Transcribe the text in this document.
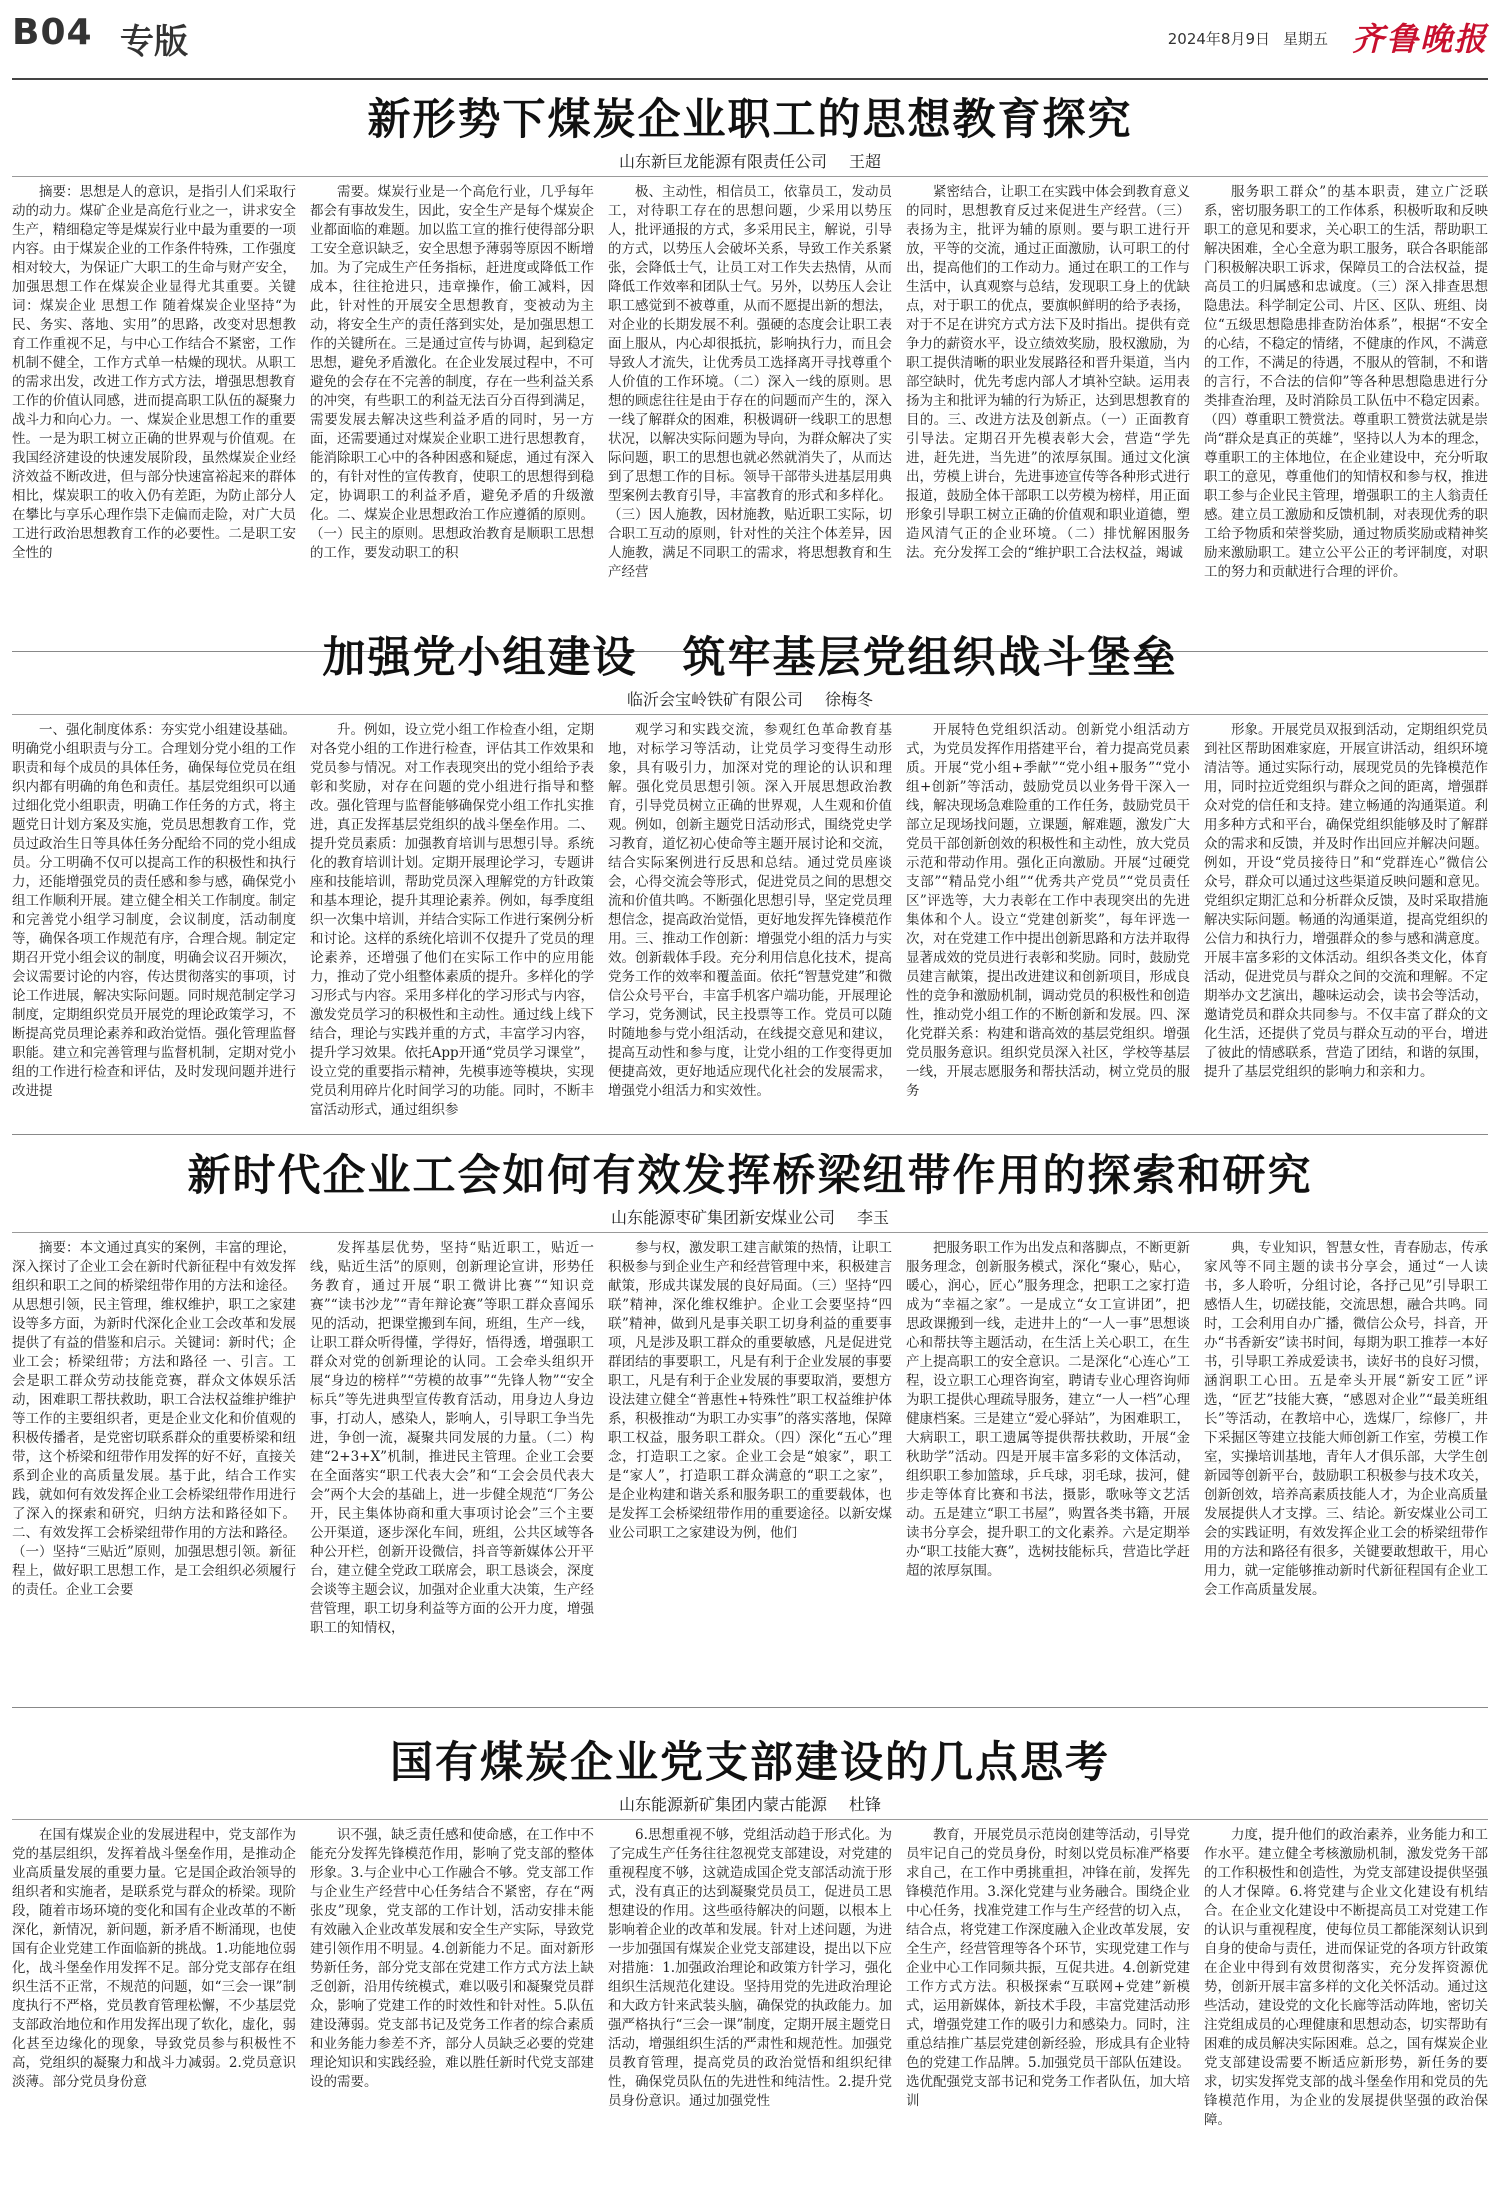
B04 专版	2024年8月9日 星期五 齐鲁晚报
新形势下煤炭企业职工的思想教育探究
山东新巨龙能源有限责任公司 王超

摘要：思想是人的意识，是指引人们采取行动的动力。煤矿企业是高危行业之一，讲求安全生产，精细稳定等是煤炭行业中最为重要的一项内容。由于煤炭企业的工作条件特殊，工作强度相对较大，为保证广大职工的生命与财产安全，加强思想工作在煤炭企业显得尤其重要。关键词：煤炭企业 思想工作 随着煤炭企业坚持“为民、务实、落地、实用”的思路，改变对思想教育工作重视不足，与中心工作结合不紧密，工作机制不健全，工作方式单一枯燥的现状。从职工的需求出发，改进工作方式方法，增强思想教育工作的价值认同感，进而提高职工队伍的凝聚力战斗力和向心力。一、煤炭企业思想工作的重要性。一是为职工树立正确的世界观与价值观。在我国经济建设的快速发展阶段，虽然煤炭企业经济效益不断改进，但与部分快速富裕起来的群体相比，煤炭职工的收入仍有差距，为防止部分人在攀比与享乐心理作祟下走偏而走险，对广大员工进行政治思想教育工作的必要性。二是职工安全性的

需要。煤炭行业是一个高危行业，几乎每年都会有事故发生，因此，安全生产是每个煤炭企业都面临的难题。加以监工宣的推行使得部分职工安全意识缺乏，安全思想予薄弱等原因不断增加。为了完成生产任务指标，赶进度或降低工作成本，往往抢进只，违章操作，偷工减料，因此，针对性的开展安全思想教育，变被动为主动，将安全生产的责任落到实处，是加强思想工作的关键所在。三是通过宣传与协调，起到稳定思想，避免矛盾激化。在企业发展过程中，不可避免的会存在不完善的制度，存在一些利益关系的冲突，有些职工的利益无法百分百得到满足，需要发展去解决这些利益矛盾的同时，另一方面，还需要通过对煤炭企业职工进行思想教育，能消除职工心中的各种困惑和疑虑，通过有深入的，有针对性的宣传教育，使职工的思想得到稳定，协调职工的利益矛盾，避免矛盾的升级激化。二、煤炭企业思想政治工作应遵循的原则。（一）民主的原则。思想政治教育是顺职工思想的工作，要发动职工的积

极、主动性，相信员工，依靠员工，发动员工，对待职工存在的思想问题，少采用以势压人，批评通报的方式，多采用民主，解说，引导的方式，以势压人会破坏关系，导致工作关系紧张，会降低士气，让员工对工作失去热情，从而降低工作效率和团队士气。另外，以势压人会让职工感觉到不被尊重，从而不愿提出新的想法，对企业的长期发展不利。强硬的态度会让职工表面上服从，内心却很抵抗，影响执行力，而且会导致人才流失，让优秀员工选择离开寻找尊重个人价值的工作环境。（二）深入一线的原则。思想的顾虑往往是由于存在的问题而产生的，深入一线了解群众的困难，积极调研一线职工的思想状况，以解决实际问题为导向，为群众解决了实际问题，职工的思想也就必然就消失了，从而达到了思想工作的目标。领导干部带头进基层用典型案例去教育引导，丰富教育的形式和多样化。（三）因人施教，因材施教，贴近职工实际，切合职工互动的原则，针对性的关注个体差异，因人施教，满足不同职工的需求，将思想教育和生产经营

紧密结合，让职工在实践中体会到教育意义的同时，思想教育反过来促进生产经营。（三）表扬为主，批评为辅的原则。要与职工进行开放，平等的交流，通过正面激励，认可职工的付出，提高他们的工作动力。通过在职工的工作与生活中，认真观察与总结，发现职工身上的优缺点，对于职工的优点，要旗帜鲜明的给予表扬，对于不足在讲究方式方法下及时指出。提供有竞争力的薪资水平，设立绩效奖励，股权激励，为职工提供清晰的职业发展路径和晋升渠道，当内部空缺时，优先考虑内部人才填补空缺。运用表扬为主和批评为辅的行为矫正，达到思想教育的目的。三、改进方法及创新点。（一）正面教育引导法。定期召开先模表彰大会，营造“学先进，赶先进，当先进”的浓厚氛围。通过文化演出，劳模上讲台，先进事迹宣传等各种形式进行报道，鼓励全体干部职工以劳模为榜样，用正面形象引导职工树立正确的价值观和职业道德，塑造风清气正的企业环境。（二）排忧解困服务法。充分发挥工会的“维护职工合法权益，竭诚

服务职工群众”的基本职责，建立广泛联系，密切服务职工的工作体系，积极听取和反映职工的意见和要求，关心职工的生活，帮助职工解决困难，全心全意为职工服务，联合各职能部门积极解决职工诉求，保障员工的合法权益，提高员工的归属感和忠诚度。（三）深入排查思想隐患法。科学制定公司、片区、区队、班组、岗位“五级思想隐患排查防治体系”，根据“不安全的心结，不稳定的情绪，不健康的作风，不满意的工作，不满足的待遇，不服从的管制，不和谐的言行，不合法的信仰”等各种思想隐患进行分类排查治理，及时消除员工队伍中不稳定因素。（四）尊重职工赞赏法。尊重职工赞赏法就是崇尚“群众是真正的英雄”，坚持以人为本的理念，尊重职工的主体地位，在企业建设中，充分听取职工的意见，尊重他们的知情权和参与权，推进职工参与企业民主管理，增强职工的主人翁责任感。建立员工激励和反馈机制，对表现优秀的职工给予物质和荣誉奖励，通过物质奖励或精神奖励来激励职工。建立公平公正的考评制度，对职工的努力和贡献进行合理的评价。

加强党小组建设　筑牢基层党组织战斗堡垒
临沂会宝岭铁矿有限公司 徐梅冬

一、强化制度体系：夯实党小组建设基础。明确党小组职责与分工。合理划分党小组的工作职责和每个成员的具体任务，确保每位党员在组织内都有明确的角色和责任。基层党组织可以通过细化党小组职责，明确工作任务的方式，将主题党日计划方案及实施，党员思想教育工作，党员过政治生日等具体任务分配给不同的党小组成员。分工明确不仅可以提高工作的积极性和执行力，还能增强党员的责任感和参与感，确保党小组工作顺利开展。建立健全相关工作制度。制定和完善党小组学习制度，会议制度，活动制度等，确保各项工作规范有序，合理合规。制定定期召开党小组会议的制度，明确会议召开频次，会议需要讨论的内容，传达贯彻落实的事项，讨论工作进展，解决实际问题。同时规范制定学习制度，定期组织党员开展党的理论政策学习，不断提高党员理论素养和政治觉悟。强化管理监督职能。建立和完善管理与监督机制，定期对党小组的工作进行检查和评估，及时发现问题并进行改进提

升。例如，设立党小组工作检查小组，定期对各党小组的工作进行检查，评估其工作效果和党员参与情况。对工作表现突出的党小组给予表彰和奖励，对存在问题的党小组进行指导和整改。强化管理与监督能够确保党小组工作扎实推进，真正发挥基层党组织的战斗堡垒作用。二、提升党员素质：加强教育培训与思想引导。系统化的教育培训计划。定期开展理论学习，专题讲座和技能培训，帮助党员深入理解党的方针政策和基本理论，提升其理论素养。例如，每季度组织一次集中培训，并结合实际工作进行案例分析和讨论。这样的系统化培训不仅提升了党员的理论素养，还增强了他们在实际工作中的应用能力，推动了党小组整体素质的提升。多样化的学习形式与内容。采用多样化的学习形式与内容，激发党员学习的积极性和主动性。通过线上线下结合，理论与实践并重的方式，丰富学习内容，提升学习效果。依托App开通“党员学习课堂”，设立党的重要指示精神，先模事迹等模块，实现党员利用碎片化时间学习的功能。同时，不断丰富活动形式，通过组织参

观学习和实践交流，参观红色革命教育基地，对标学习等活动，让党员学习变得生动形象，具有吸引力，加深对党的理论的认识和理解。强化党员思想引领。深入开展思想政治教育，引导党员树立正确的世界观，人生观和价值观。例如，创新主题党日活动形式，围绕党史学习教育，道忆初心使命等主题开展讨论和交流，结合实际案例进行反思和总结。通过党员座谈会，心得交流会等形式，促进党员之间的思想交流和价值共鸣。不断强化思想引导，坚定党员理想信念，提高政治觉悟，更好地发挥先锋模范作用。三、推动工作创新：增强党小组的活力与实效。创新载体手段。充分利用信息化技术，提高党务工作的效率和覆盖面。依托“智慧党建”和微信公众号平台，丰富手机客户端功能，开展理论学习，党务测试，民主投票等工作。党员可以随时随地参与党小组活动，在线提交意见和建议，提高互动性和参与度，让党小组的工作变得更加便捷高效，更好地适应现代化社会的发展需求，增强党小组活力和实效性。

开展特色党组织活动。创新党小组活动方式，为党员发挥作用搭建平台，着力提高党员素质。开展“党小组+季献”“党小组+服务”“党小组+创新”等活动，鼓励党员以业务骨干深入一线，解决现场急难险重的工作任务，鼓励党员干部立足现场找问题，立课题，解难题，激发广大党员干部创新创效的积极性和主动性，放大党员示范和带动作用。强化正向激励。开展“过硬党支部”“精品党小组”“优秀共产党员”“党员责任区”评选等，大力表彰在工作中表现突出的先进集体和个人。设立“党建创新奖”，每年评选一次，对在党建工作中提出创新思路和方法并取得显著成效的党员进行表彰和奖励。同时，鼓励党员建言献策，提出改进建议和创新项目，形成良性的竞争和激励机制，调动党员的积极性和创造性，推动党小组工作的不断创新和发展。四、深化党群关系：构建和谐高效的基层党组织。增强党员服务意识。组织党员深入社区，学校等基层一线，开展志愿服务和帮扶活动，树立党员的服务

形象。开展党员双报到活动，定期组织党员到社区帮助困难家庭，开展宣讲活动，组织环境清洁等。通过实际行动，展现党员的先锋模范作用，同时拉近党组织与群众之间的距离，增强群众对党的信任和支持。建立畅通的沟通渠道。利用多种方式和平台，确保党组织能够及时了解群众的需求和反馈，并及时作出回应并解决问题。例如，开设“党员接待日”和“党群连心”微信公众号，群众可以通过这些渠道反映问题和意见。党组织定期汇总和分析群众反馈，及时采取措施解决实际问题。畅通的沟通渠道，提高党组织的公信力和执行力，增强群众的参与感和满意度。开展丰富多彩的文体活动。组织各类文化，体育活动，促进党员与群众之间的交流和理解。不定期举办文艺演出，趣味运动会，读书会等活动，邀请党员和群众共同参与。不仅丰富了群众的文化生活，还提供了党员与群众互动的平台，增进了彼此的情感联系，营造了团结，和谐的氛围，提升了基层党组织的影响力和亲和力。

新时代企业工会如何有效发挥桥梁纽带作用的探索和研究
山东能源枣矿集团新安煤业公司 李玉

摘要：本文通过真实的案例，丰富的理论，深入探讨了企业工会在新时代新征程中有效发挥组织和职工之间的桥梁纽带作用的方法和途径。从思想引领，民主管理，维权维护，职工之家建设等多方面，为新时代深化企业工会改革和发展提供了有益的借鉴和启示。关键词：新时代；企业工会；桥梁纽带；方法和路径 一、引言。工会是职工群众劳动技能竞赛，群众文体娱乐活动，困难职工帮扶救助，职工合法权益维护维护等工作的主要组织者，更是企业文化和价值观的积极传播者，是党密切联系群众的重要桥梁和纽带，这个桥梁和纽带作用发挥的好不好，直接关系到企业的高质量发展。基于此，结合工作实践，就如何有效发挥企业工会桥梁纽带作用进行了深入的探索和研究，归纳方法和路径如下。二、有效发挥工会桥梁纽带作用的方法和路径。（一）坚持“三贴近”原则，加强思想引领。新征程上，做好职工思想工作，是工会组织必须履行的责任。企业工会要

发挥基层优势，坚持“贴近职工，贴近一线，贴近生活”的原则，创新理论宣讲，形势任务教育，通过开展“职工微讲比赛”“知识竞赛”“读书沙龙”“青年辩论赛”等职工群众喜闻乐见的活动，把课堂搬到车间，班组，生产一线，让职工群众听得懂，学得好，悟得透，增强职工群众对党的创新理论的认同。工会牵头组织开展“身边的榜样”“劳模的故事”“先锋人物”“安全标兵”等先进典型宣传教育活动，用身边人身边事，打动人，感染人，影响人，引导职工争当先进，争创一流，凝聚共同发展的力量。（二）构建“2+3+X”机制，推进民主管理。企业工会要在全面落实“职工代表大会”和“工会会员代表大会”两个大会的基础上，进一步健全规范“厂务公开，民主集体协商和重大事项讨论会”三个主要公开渠道，逐步深化车间，班组，公共区域等各种公开栏，创新开设微信，抖音等新媒体公开平台，建立健全党政工联席会，职工恳谈会，深度会谈等主题会议，加强对企业重大决策，生产经营管理，职工切身利益等方面的公开力度，增强职工的知情权，

参与权，激发职工建言献策的热情，让职工积极参与到企业生产和经营管理中来，积极建言献策，形成共谋发展的良好局面。（三）坚持“四联”精神，深化维权维护。企业工会要坚持“四联”精神，做到凡是事关职工切身利益的重要事项，凡是涉及职工群众的重要敏感，凡是促进党群团结的事要职工，凡是有利于企业发展的事要职工，凡是有利于企业发展的事要取消，要想方设法建立健全“普惠性+特殊性”职工权益维护体系，积极推动“为职工办实事”的落实落地，保障职工权益，服务职工群众。（四）深化“五心”理念，打造职工之家。企业工会是“娘家”，职工是“家人”，打造职工群众满意的“职工之家”，是企业构建和谐关系和服务职工的重要载体，也是发挥工会桥梁纽带作用的重要途径。以新安煤业公司职工之家建设为例，他们

把服务职工作为出发点和落脚点，不断更新服务理念，创新服务模式，深化“聚心，贴心，暖心，润心，匠心”服务理念，把职工之家打造成为“幸福之家”。一是成立“女工宣讲团”，把思政课搬到一线，走进井上的“一人一事”思想谈心和帮扶等主题活动，在生活上关心职工，在生产上提高职工的安全意识。二是深化“心连心”工程，设立职工心理咨询室，聘请专业心理咨询师为职工提供心理疏导服务，建立“一人一档”心理健康档案。三是建立“爱心驿站”，为困难职工，大病职工，职工遗属等提供帮扶救助，开展“金秋助学”活动。四是开展丰富多彩的文体活动，组织职工参加篮球，乒乓球，羽毛球，拔河，健步走等体育比赛和书法，摄影，歌咏等文艺活动。五是建立“职工书屋”，购置各类书籍，开展读书分享会，提升职工的文化素养。六是定期举办“职工技能大赛”，选树技能标兵，营造比学赶超的浓厚氛围。

典，专业知识，智慧女性，青春励志，传承家风等不同主题的读书分享会，通过“一人读书，多人聆听，分组讨论，各抒己见”引导职工感悟人生，切磋技能，交流思想，融合共鸣。同时，工会利用自办广播，微信公众号，抖音，开办“书香新安”读书时间，每期为职工推荐一本好书，引导职工养成爱读书，读好书的良好习惯，涵润职工心田。五是牵头开展“新安工匠”评选，“匠艺”技能大赛，“感恩对企业”“最美班组长”等活动，在教培中心，选煤厂，综修厂，井下采掘区等建立技能大师创新工作室，劳模工作室，实操培训基地，青年人才俱乐部，大学生创新园等创新平台，鼓励职工积极参与技术攻关，创新创效，培养高素质技能人才，为企业高质量发展提供人才支撑。三、结论。新安煤业公司工会的实践证明，有效发挥企业工会的桥梁纽带作用的方法和路径有很多，关键要敢想敢干，用心用力，就一定能够推动新时代新征程国有企业工会工作高质量发展。

国有煤炭企业党支部建设的几点思考
山东能源新矿集团内蒙古能源 杜锋

在国有煤炭企业的发展进程中，党支部作为党的基层组织，发挥着战斗堡垒作用，是推动企业高质量发展的重要力量。它是国企政治领导的组织者和实施者，是联系党与群众的桥梁。现阶段，随着市场环境的变化和国有企业改革的不断深化，新情况，新问题，新矛盾不断涌现，也使国有企业党建工作面临新的挑战。1.功能地位弱化，战斗堡垒作用发挥不足。部分党支部存在组织生活不正常，不规范的问题，如“三会一课”制度执行不严格，党员教育管理松懈，不少基层党支部政治地位和作用发挥出现了软化，虚化，弱化甚至边缘化的现象，导致党员参与积极性不高，党组织的凝聚力和战斗力减弱。2.党员意识淡薄。部分党员身份意

识不强，缺乏责任感和使命感，在工作中不能充分发挥先锋模范作用，影响了党支部的整体形象。3.与企业中心工作融合不够。党支部工作与企业生产经营中心任务结合不紧密，存在“两张皮”现象，党支部的工作计划，活动安排未能有效融入企业改革发展和安全生产实际，导致党建引领作用不明显。4.创新能力不足。面对新形势新任务，部分党支部在党建工作方式方法上缺乏创新，沿用传统模式，难以吸引和凝聚党员群众，影响了党建工作的时效性和针对性。5.队伍建设薄弱。党支部书记及党务工作者的综合素质和业务能力参差不齐，部分人员缺乏必要的党建理论知识和实践经验，难以胜任新时代党支部建设的需要。

6.思想重视不够，党组活动趋于形式化。为了完成生产任务往往忽视党支部建设，对党建的重视程度不够，这就造成国企党支部活动流于形式，没有真正的达到凝聚党员员工，促进员工思想建设的作用。这些亟待解决的问题，以根本上影响着企业的改革和发展。针对上述问题，为进一步加强国有煤炭企业党支部建设，提出以下应对措施：1.加强政治理论和政策方针学习，强化组织生活规范化建设。坚持用党的先进政治理论和大政方针来武装头脑，确保党的执政能力。加强严格执行“三会一课”制度，定期开展主题党日活动，增强组织生活的严肃性和规范性。加强党员教育管理，提高党员的政治觉悟和组织纪律性，确保党员队伍的先进性和纯洁性。2.提升党员身份意识。通过加强党性

教育，开展党员示范岗创建等活动，引导党员牢记自己的党员身份，时刻以党员标准严格要求自己，在工作中勇挑重担，冲锋在前，发挥先锋模范作用。3.深化党建与业务融合。围绕企业中心任务，找准党建工作与生产经营的切入点，结合点，将党建工作深度融入企业改革发展，安全生产，经营管理等各个环节，实现党建工作与企业中心工作同频共振，互促共进。4.创新党建工作方式方法。积极探索“互联网+党建”新模式，运用新媒体，新技术手段，丰富党建活动形式，增强党建工作的吸引力和感染力。同时，注重总结推广基层党建创新经验，形成具有企业特色的党建工作品牌。5.加强党员干部队伍建设。选优配强党支部书记和党务工作者队伍，加大培训

力度，提升他们的政治素养，业务能力和工作水平。建立健全考核激励机制，激发党务干部的工作积极性和创造性，为党支部建设提供坚强的人才保障。6.将党建与企业文化建设有机结合。在企业文化建设中不断提高员工对党建工作的认识与重视程度，使每位员工都能深刻认识到自身的使命与责任，进而保证党的各项方针政策在企业中得到有效贯彻落实，充分发挥资源优势，创新开展丰富多样的文化关怀活动。通过这些活动，建设党的文化长廊等活动阵地，密切关注党组成员的心理健康和思想动态，切实帮助有困难的成员解决实际困难。总之，国有煤炭企业党支部建设需要不断适应新形势，新任务的要求，切实发挥党支部的战斗堡垒作用和党员的先锋模范作用，为企业的发展提供坚强的政治保障。
